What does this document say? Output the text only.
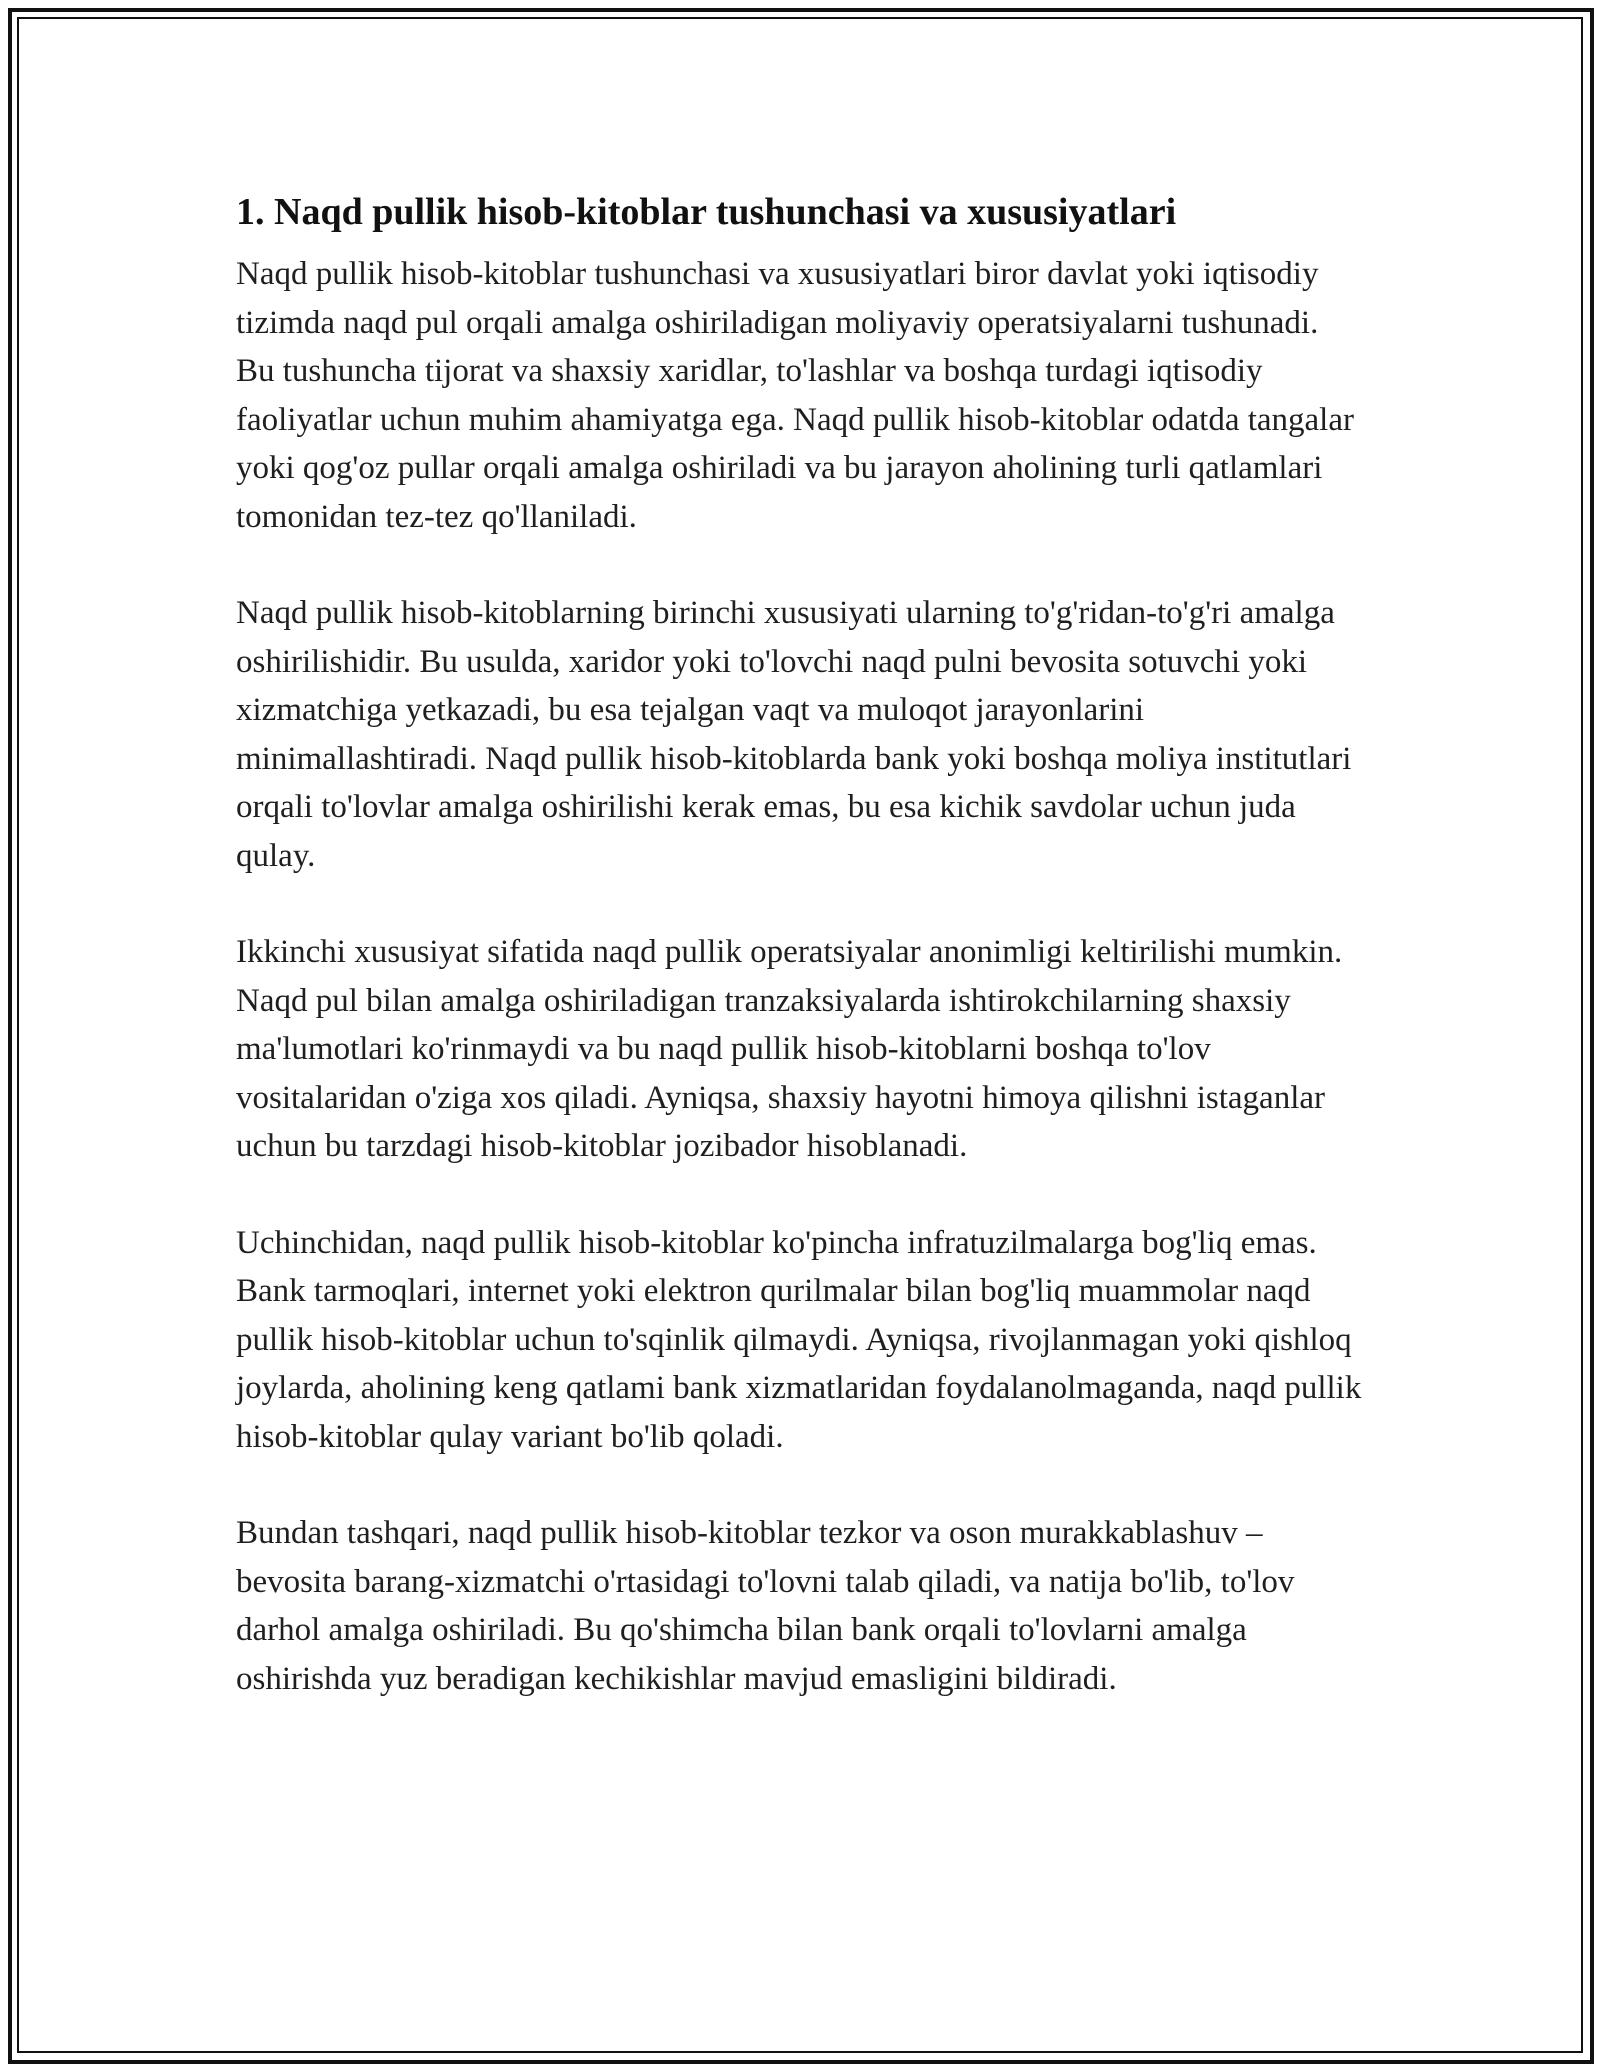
1. Naqd pullik hisob-kitoblar tushunchasi va xususiyatlari

Naqd pullik hisob-kitoblar tushunchasi va xususiyatlari biror davlat yoki iqtisodiy tizimda naqd pul orqali amalga oshiriladigan moliyaviy operatsiyalarni tushunadi. Bu tushuncha tijorat va shaxsiy xaridlar, to'lashlar va boshqa turdagi iqtisodiy faoliyatlar uchun muhim ahamiyatga ega. Naqd pullik hisob-kitoblar odatda tangalar yoki qog'oz pullar orqali amalga oshiriladi va bu jarayon aholining turli qatlamlari tomonidan tez-tez qo'llaniladi.

Naqd pullik hisob-kitoblarning birinchi xususiyati ularning to'g'ridan-to'g'ri amalga oshirilishidir. Bu usulda, xaridor yoki to'lovchi naqd pulni bevosita sotuvchi yoki xizmatchiga yetkazadi, bu esa tejalgan vaqt va muloqot jarayonlarini minimallashtiradi. Naqd pullik hisob-kitoblarda bank yoki boshqa moliya institutlari orqali to'lovlar amalga oshirilishi kerak emas, bu esa kichik savdolar uchun juda qulay.

Ikkinchi xususiyat sifatida naqd pullik operatsiyalar anonimligi keltirilishi mumkin. Naqd pul bilan amalga oshiriladigan tranzaksiyalarda ishtirokchilarning shaxsiy ma'lumotlari ko'rinmaydi va bu naqd pullik hisob-kitoblarni boshqa to'lov vositalaridan o'ziga xos qiladi. Ayniqsa, shaxsiy hayotni himoya qilishni istaganlar uchun bu tarzdagi hisob-kitoblar jozibador hisoblanadi.

Uchinchidan, naqd pullik hisob-kitoblar ko'pincha infratuzilmalarga bog'liq emas. Bank tarmoqlari, internet yoki elektron qurilmalar bilan bog'liq muammolar naqd pullik hisob-kitoblar uchun to'sqinlik qilmaydi. Ayniqsa, rivojlanmagan yoki qishloq joylarda, aholining keng qatlami bank xizmatlaridan foydalanolmaganda, naqd pullik hisob-kitoblar qulay variant bo'lib qoladi.

Bundan tashqari, naqd pullik hisob-kitoblar tezkor va oson murakkablashuv – bevosita barang-xizmatchi o'rtasidagi to'lovni talab qiladi, va natija bo'lib, to'lov darhol amalga oshiriladi. Bu qo'shimcha bilan bank orqali to'lovlarni amalga oshirishda yuz beradigan kechikishlar mavjud emasligini bildiradi.
